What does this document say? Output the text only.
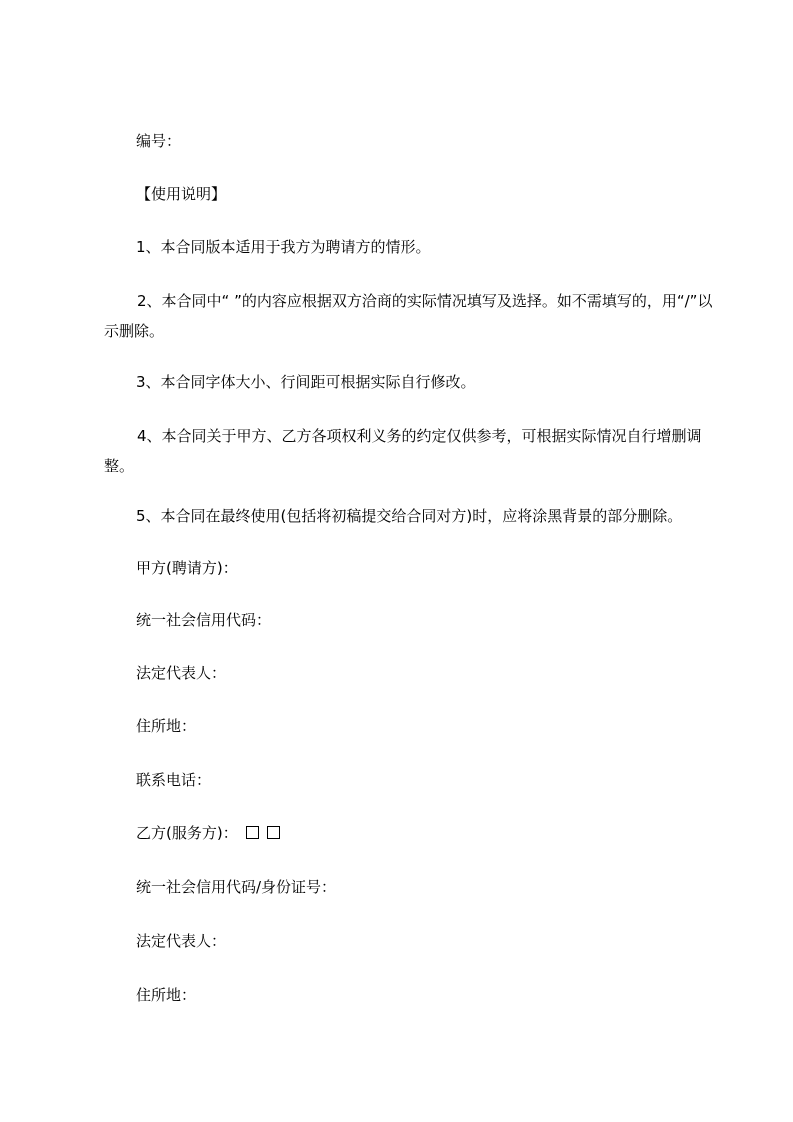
编号：
【使用说明】
1、本合同版本适用于我方为聘请方的情形。
2、本合同中“ ”的内容应根据双方洽商的实际情况填写及选择。如不需填写的，用“/”以示删除。
3、本合同字体大小、行间距可根据实际自行修改。
4、本合同关于甲方、乙方各项权利义务的约定仅供参考，可根据实际情况自行增删调整。
5、本合同在最终使用(包括将初稿提交给合同对方)时，应将涂黑背景的部分删除。
甲方(聘请方)：
统一社会信用代码：
法定代表人：
住所地：
联系电话：
乙方(服务方)：
统一社会信用代码/身份证号：
法定代表人：
住所地：
